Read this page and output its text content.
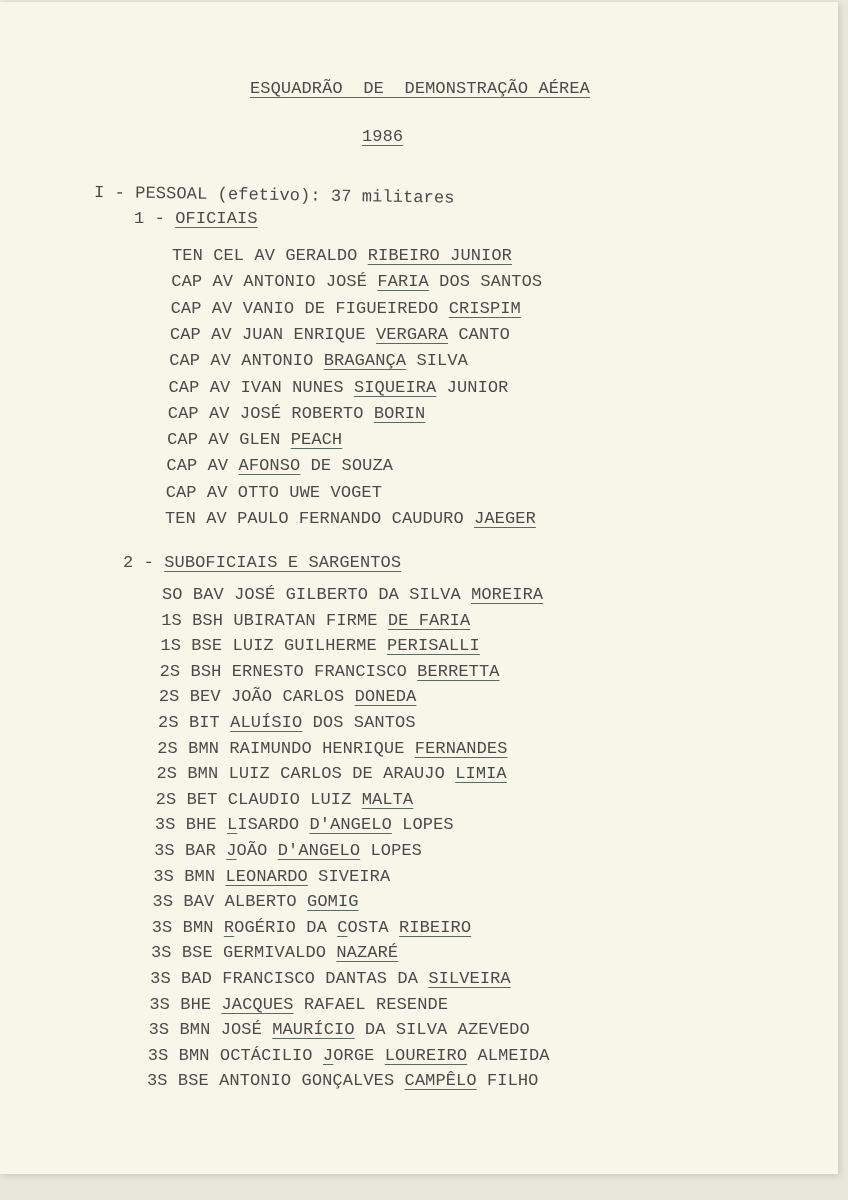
ESQUADRÃO  DE  DEMONSTRAÇÃO AÉREA
1986
I - PESSOAL (efetivo): 37 militares
1 - OFICIAIS
TEN CEL AV GERALDO RIBEIRO JUNIOR
CAP AV ANTONIO JOSÉ FARIA DOS SANTOS
CAP AV VANIO DE FIGUEIREDO CRISPIM
CAP AV JUAN ENRIQUE VERGARA CANTO
CAP AV ANTONIO BRAGANÇA SILVA
CAP AV IVAN NUNES SIQUEIRA JUNIOR
CAP AV JOSÉ ROBERTO BORIN
CAP AV GLEN PEACH
CAP AV AFONSO DE SOUZA
CAP AV OTTO UWE VOGET
TEN AV PAULO FERNANDO CAUDURO JAEGER
2 - SUBOFICIAIS E SARGENTOS
SO BAV JOSÉ GILBERTO DA SILVA MOREIRA
1S BSH UBIRATAN FIRME DE FARIA
1S BSE LUIZ GUILHERME PERISALLI
2S BSH ERNESTO FRANCISCO BERRETTA
2S BEV JOÃO CARLOS DONEDA
2S BIT ALUÍSIO DOS SANTOS
2S BMN RAIMUNDO HENRIQUE FERNANDES
2S BMN LUIZ CARLOS DE ARAUJO LIMIA
2S BET CLAUDIO LUIZ MALTA
3S BHE LISARDO D'ANGELO LOPES
3S BAR JOÃO D'ANGELO LOPES
3S BMN LEONARDO SIVEIRA
3S BAV ALBERTO GOMIG
3S BMN ROGÉRIO DA COSTA RIBEIRO
3S BSE GERMIVALDO NAZARÉ
3S BAD FRANCISCO DANTAS DA SILVEIRA
3S BHE JACQUES RAFAEL RESENDE
3S BMN JOSÉ MAURÍCIO DA SILVA AZEVEDO
3S BMN OCTÁCILIO JORGE LOUREIRO ALMEIDA
3S BSE ANTONIO GONÇALVES CAMPÊLO FILHO
